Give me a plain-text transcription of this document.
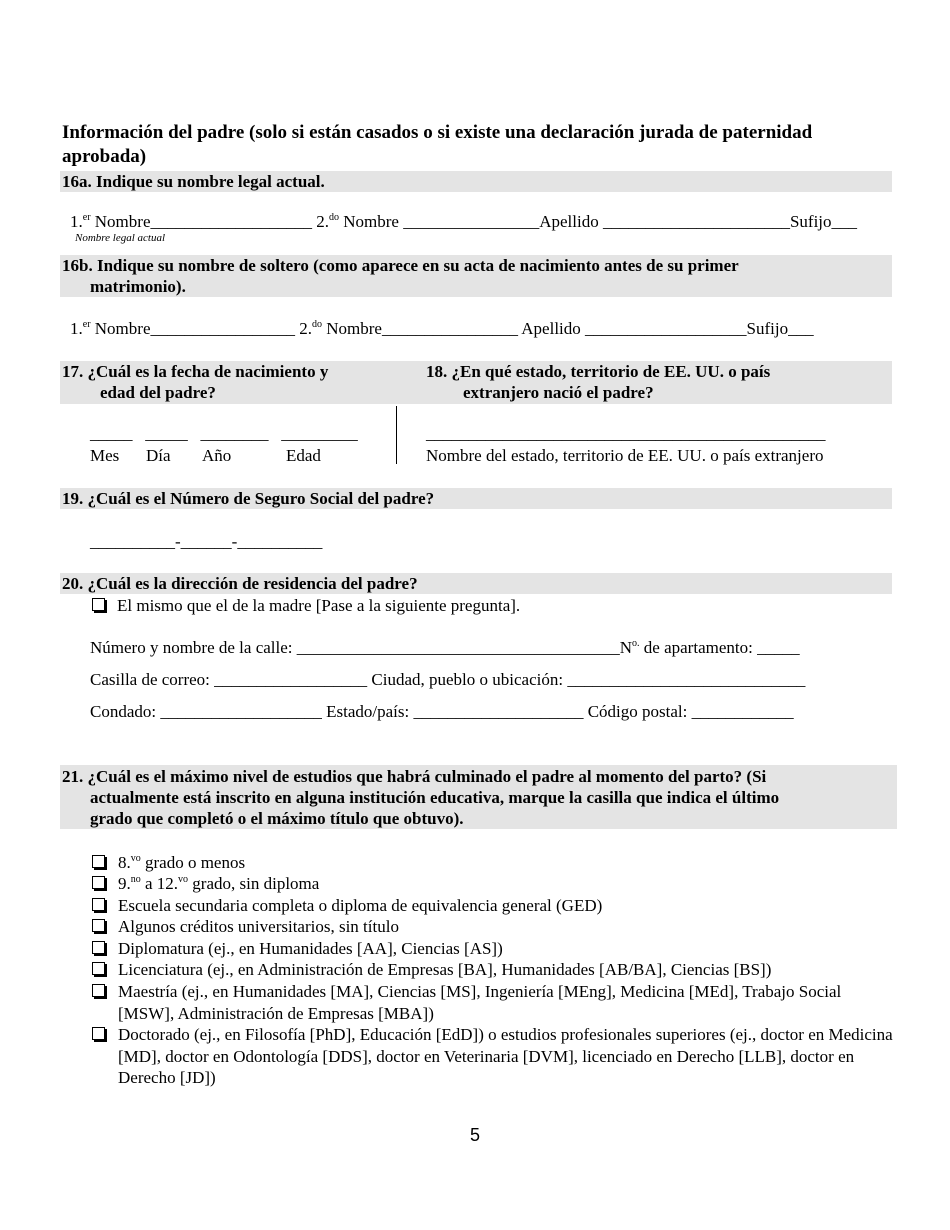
Información del padre (solo si están casados o si existe una declaración jurada de paternidad aprobada)
16a. Indique su nombre legal actual.
1.$^{er}$ Nombre___________________ 2.$^{do}$ Nombre ________________Apellido ______________________Sufijo___
Nombre legal actual
16b. Indique su nombre de soltero (como aparece en su acta de nacimiento antes de su primer
matrimonio).
1.$^{er}$ Nombre_________________ 2.$^{do}$ Nombre________________ Apellido ___________________Sufijo___
17. ¿Cuál es la fecha de nacimiento y
edad del padre?
18. ¿En qué estado, territorio de EE. UU. o país
extranjero nació el padre?
_____   _____   ________   _________
Mes Día Año	Edad
_______________________________________________
Nombre del estado, territorio de EE. UU. o país extranjero
19. ¿Cuál es el Número de Seguro Social del padre?
__________-______-__________
20. ¿Cuál es la dirección de residencia del padre?
El mismo que el de la madre [Pase a la siguiente pregunta].
Número y nombre de la calle: $\_\_\_\_\_\_\_\_\_\_\_\_\_\_\_\_\_\_\_\_\_\_\_\_\_\_\_\_\_\_\_\_\_\_\_\_\_\_N^{o.}$ de apartamento: _____
Casilla de correo: __________________ Ciudad, pueblo o ubicación: ____________________________
Condado: ___________________ Estado/país: ____________________ Código postal: ____________
21. ¿Cuál es el máximo nivel de estudios que habrá culminado el padre al momento del parto? (Si
actualmente está inscrito en alguna institución educativa, marque la casilla que indica el último
grado que completó o el máximo título que obtuvo).
8.$^{vo}$ grado o menos
9.$^{no}$ a 12.$^{vo}$ grado, sin diploma
Escuela secundaria completa o diploma de equivalencia general (GED)
Algunos créditos universitarios, sin título
Diplomatura (ej., en Humanidades [AA], Ciencias [AS])
Licenciatura (ej., en Administración de Empresas [BA], Humanidades [AB/BA], Ciencias [BS])
Maestría (ej., en Humanidades [MA], Ciencias [MS], Ingeniería [MEng], Medicina [MEd], Trabajo Social [MSW], Administración de Empresas [MBA])
Doctorado (ej., en Filosofía [PhD], Educación [EdD]) o estudios profesionales superiores (ej., doctor en Medicina [MD], doctor en Odontología [DDS], doctor en Veterinaria [DVM], licenciado en Derecho [LLB], doctor en Derecho [JD])
5
